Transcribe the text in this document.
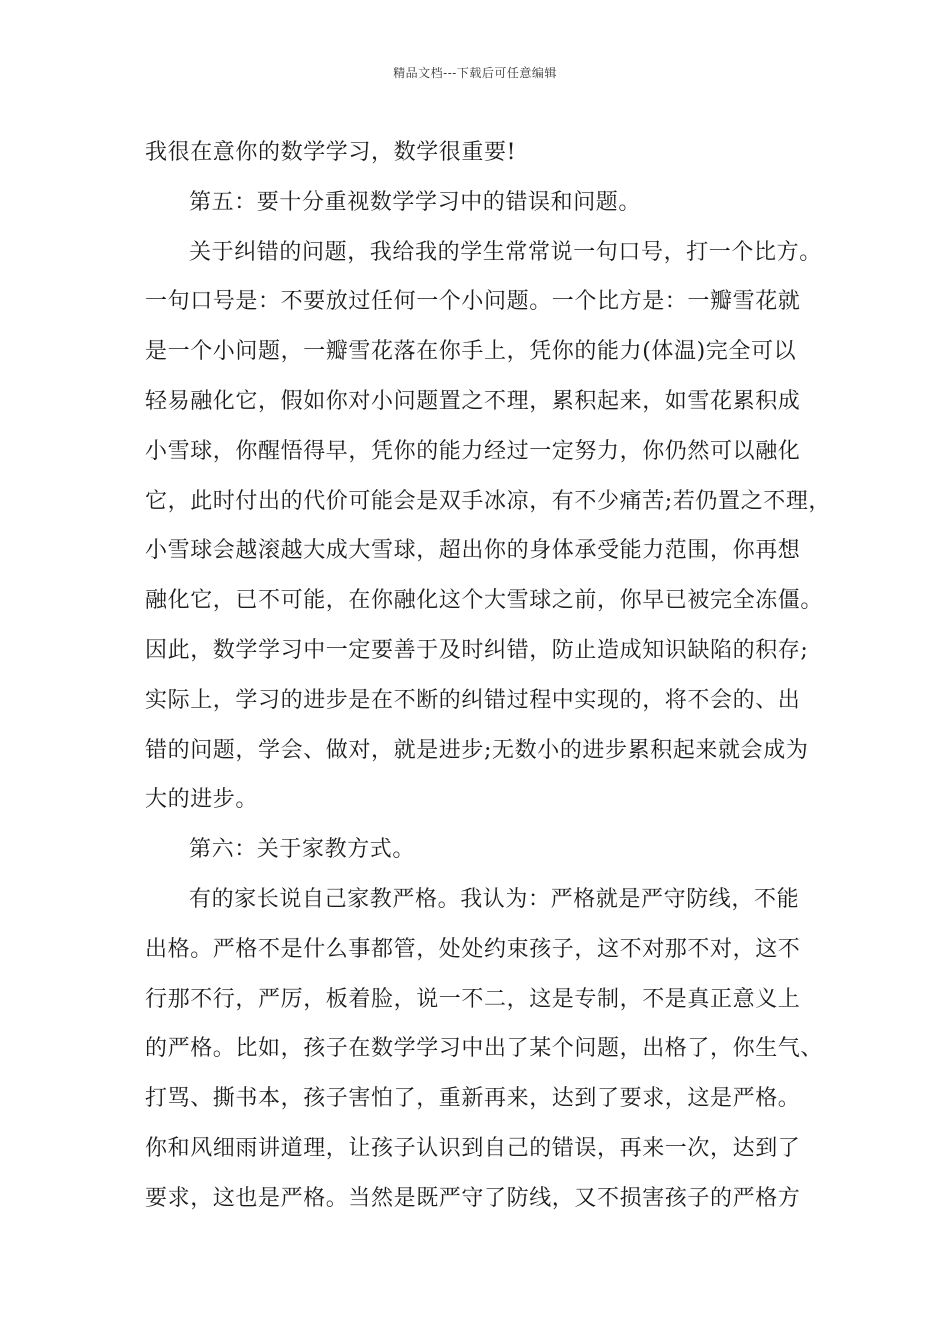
精品文档---下载后可任意编辑
我很在意你的数学学习，数学很重要!
第五：要十分重视数学学习中的错误和问题。
关于纠错的问题，我给我的学生常常说一句口号，打一个比方。
一句口号是：不要放过任何一个小问题。一个比方是：一瓣雪花就
是一个小问题，一瓣雪花落在你手上，凭你的能力(体温)完全可以
轻易融化它，假如你对小问题置之不理，累积起来，如雪花累积成
小雪球，你醒悟得早，凭你的能力经过一定努力，你仍然可以融化
它，此时付出的代价可能会是双手冰凉，有不少痛苦;若仍置之不理，
小雪球会越滚越大成大雪球，超出你的身体承受能力范围，你再想
融化它，已不可能，在你融化这个大雪球之前，你早已被完全冻僵。
因此，数学学习中一定要善于及时纠错，防止造成知识缺陷的积存;
实际上，学习的进步是在不断的纠错过程中实现的，将不会的、出
错的问题，学会、做对，就是进步;无数小的进步累积起来就会成为
大的进步。
第六：关于家教方式。
有的家长说自己家教严格。我认为：严格就是严守防线，不能
出格。严格不是什么事都管，处处约束孩子，这不对那不对，这不
行那不行，严厉，板着脸，说一不二，这是专制，不是真正意义上
的严格。比如，孩子在数学学习中出了某个问题，出格了，你生气、
打骂、撕书本，孩子害怕了，重新再来，达到了要求，这是严格。
你和风细雨讲道理，让孩子认识到自己的错误，再来一次，达到了
要求，这也是严格。当然是既严守了防线，又不损害孩子的严格方
